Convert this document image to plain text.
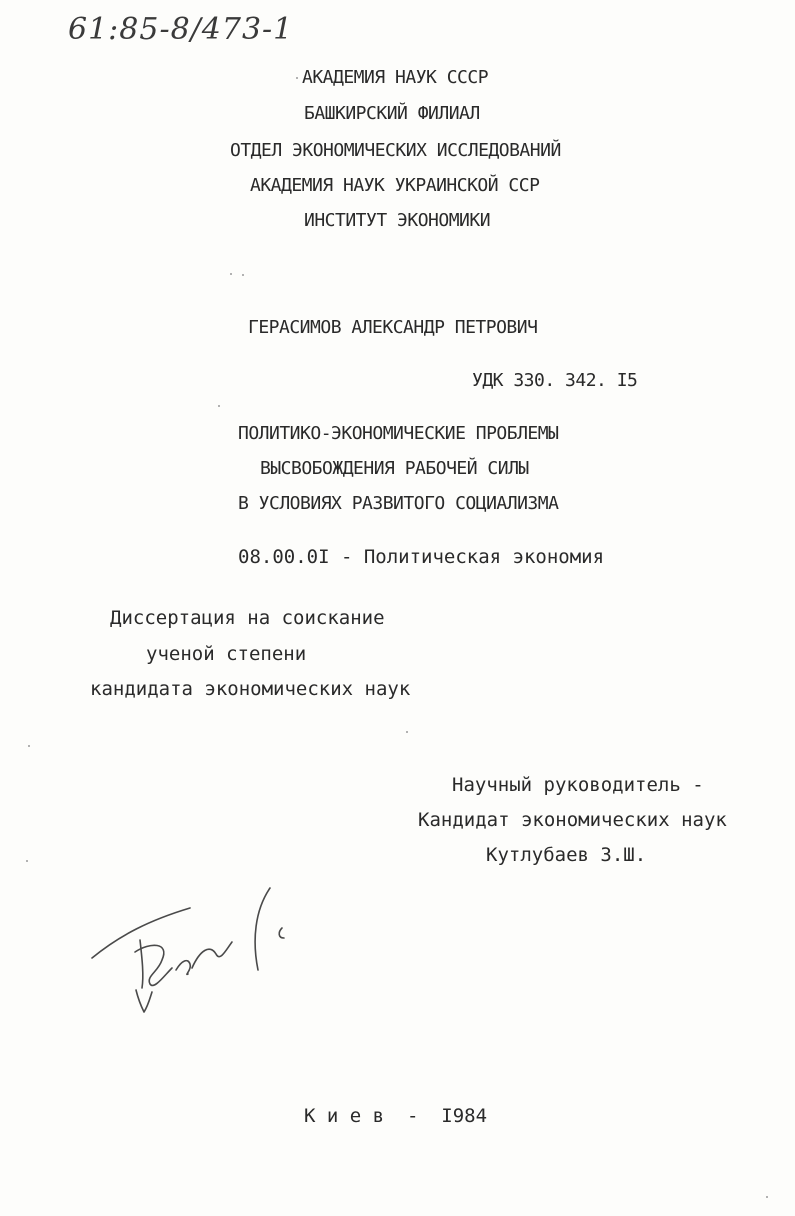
61:85-8/473-1
АКАДЕМИЯ НАУК СССР
БАШКИРСКИЙ ФИЛИАЛ
ОТДЕЛ ЭКОНОМИЧЕСКИХ ИССЛЕДОВАНИЙ
АКАДЕМИЯ НАУК УКРАИНСКОЙ ССР
ИНСТИТУТ ЭКОНОМИКИ
ГЕРАСИМОВ АЛЕКСАНДР ПЕТРОВИЧ
УДК 330. 342. I5
ПОЛИТИКО-ЭКОНОМИЧЕСКИЕ ПРОБЛЕМЫ
ВЫСВОБОЖДЕНИЯ РАБОЧЕЙ СИЛЫ
В УСЛОВИЯХ РАЗВИТОГО СОЦИАЛИЗМА
08.00.0I - Политическая экономия
Диссертация на соискание
ученой степени
кандидата экономических наук
Научный руководитель -
Кандидат экономических наук
Кутлубаев З.Ш.
К и е в  -  I984
